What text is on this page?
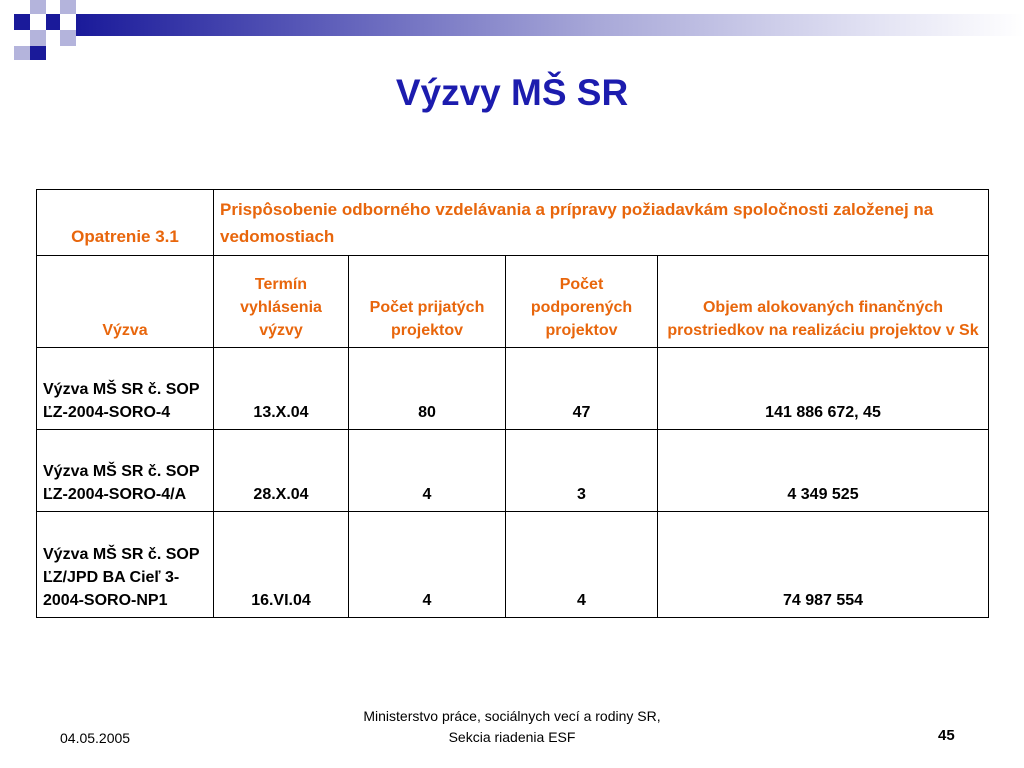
Výzvy MŠ SR
Opatrenie 3.1	Prispôsobenie odborného vzdelávania a prípravy požiadavkám spoločnosti založenej na vedomostiach			
Výzva	Termín vyhlásenia výzvy	Počet prijatých projektov	Počet podporených projektov	Objem alokovaných finančných prostriedkov na realizáciu projektov v Sk
Výzva MŠ SR č. SOP ĽZ-2004-SORO-4	13.X.04	80	47	141 886 672, 45
Výzva MŠ SR č. SOP ĽZ-2004-SORO-4/A	28.X.04	4	3	4 349 525
Výzva MŠ SR č. SOP ĽZ/JPD BA Cieľ 3-2004-SORO-NP1	16.VI.04	4	4	74 987 554
04.05.2005
Ministerstvo práce, sociálnych vecí a rodiny SR, Sekcia riadenia ESF	45
